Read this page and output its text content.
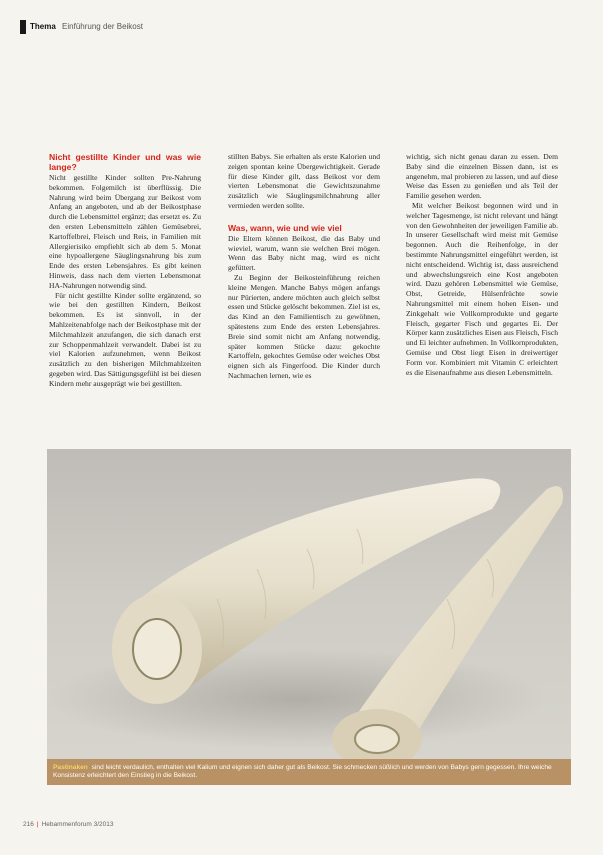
Thema Einführung der Beikost
Nicht gestillte Kinder und was wie lange?

Nicht gestillte Kinder sollten Pre-Nahrung bekommen. Folgemilch ist überflüssig. Die Nahrung wird beim Übergang zur Beikost vom Anfang an angeboten, und ab der Beikostphase durch die Lebensmittel ergänzt; das ersetzt es. Zu den ersten Lebensmitteln zählen Gemüsebrei, Kartoffelbrei, Fleisch und Reis, in Familien mit Allergierisiko empfiehlt sich ab dem 5. Monat eine hypoallergene Säuglingsnahrung bis zum Ende des ersten Lebensjahres. Es gibt keinen Hinweis, dass nach dem vierten Lebensmonat HA-Nahrungen notwendig sind.

Für nicht gestillte Kinder sollte ergänzend, so wie bei den gestillten Kindern, Beikost bekommen. Es ist sinnvoll, in der Mahlzeitenabfolge nach der Beikostphase mit der Milchmahlzeit anzufangen, die sich danach erst zur Schoppenmahlzeit verwandelt. Dabei ist zu viel Kalorien aufzunehmen, wenn Beikost zusätzlich zu den bisherigen Milchmahlzeiten gegeben wird. Das Sättigungsgefühl ist bei diesen Kindern mehr ausgeprägt wie bei gestillten.

stillten Babys. Sie erhalten als erste Kalorien und zeigen spontan keine Übergewichtigkeit. Gerade für diese Kinder gilt, dass Beikost vor dem vierten Lebensmonat die Gewichtszunahme zusätzlich wie Säuglingsmilchnahrung aller vermieden werden sollte.

Was, wann, wie und wie viel

Die Eltern können Beikost, die das Baby und wieviel, warum, wann sie welchen Brei mögen. Wenn das Baby nicht mag, wird es nicht gefüttert.

Zu Beginn der Beikosteinführung reichen kleine Mengen. Manche Babys mögen anfangs nur Pürierten, andere möchten auch gleich selbst essen und Stücke gelöscht bekommen. Ziel ist es, das Kind an den Familientisch zu gewöhnen, spätestens zum Ende des ersten Lebensjahres. Breie sind somit nicht am Anfang notwendig, später kommen Stücke dazu: gekochte Kartoffeln, gekochtes Gemüse oder weiches Obst eignen sich als Fingerfood. Die Kinder durch Nachmachen lernen, wie es

wichtig, sich nicht genau daran zu essen. Dem Baby sind die einzelnen Bissen dann, ist es angenehm, mal probieren zu lassen, und auf diese Weise das Essen zu genießen und als Teil der Familie gesehen werden.

Mit welcher Beikost begonnen wird und in welcher Tagesmenge, ist nicht relevant und hängt von den Gewohnheiten der jeweiligen Familie ab. In unserer Gesellschaft wird meist mit Gemüse begonnen. Auch die Reihenfolge, in der bestimmte Nahrungsmittel eingeführt werden, ist nicht entscheidend. Wichtig ist, dass ausreichend und abwechslungsreich eine Kost angeboten wird. Dazu gehören Lebensmittel wie Gemüse, Obst, Getreide, Hülsenfrüchte sowie Nahrungsmittel mit einem hohen Eisen- und Zinkgehalt wie Vollkornprodukte und gegarte Fleisch, gegarter Fisch und gegartes Ei. Der Körper kann zusätzliches Eisen aus Fleisch, Fisch und Ei leichter aufnehmen. In Vollkornprodukten, Gemüse und Obst liegt Eisen in dreiwertiger Form vor. Kombiniert mit Vitamin C erleichtert es die Eisenaufnahme aus diesen Lebensmitteln.

Pastinaken sind leicht verdaulich, enthalten viel Kalium und eignen sich daher gut als Beikost. Sie schmecken süßlich und werden von Babys gern gegessen. Ihre weiche Konsistenz erleichtert den Einstieg in die Beikost.
216 | Hebammenforum 3/2013
